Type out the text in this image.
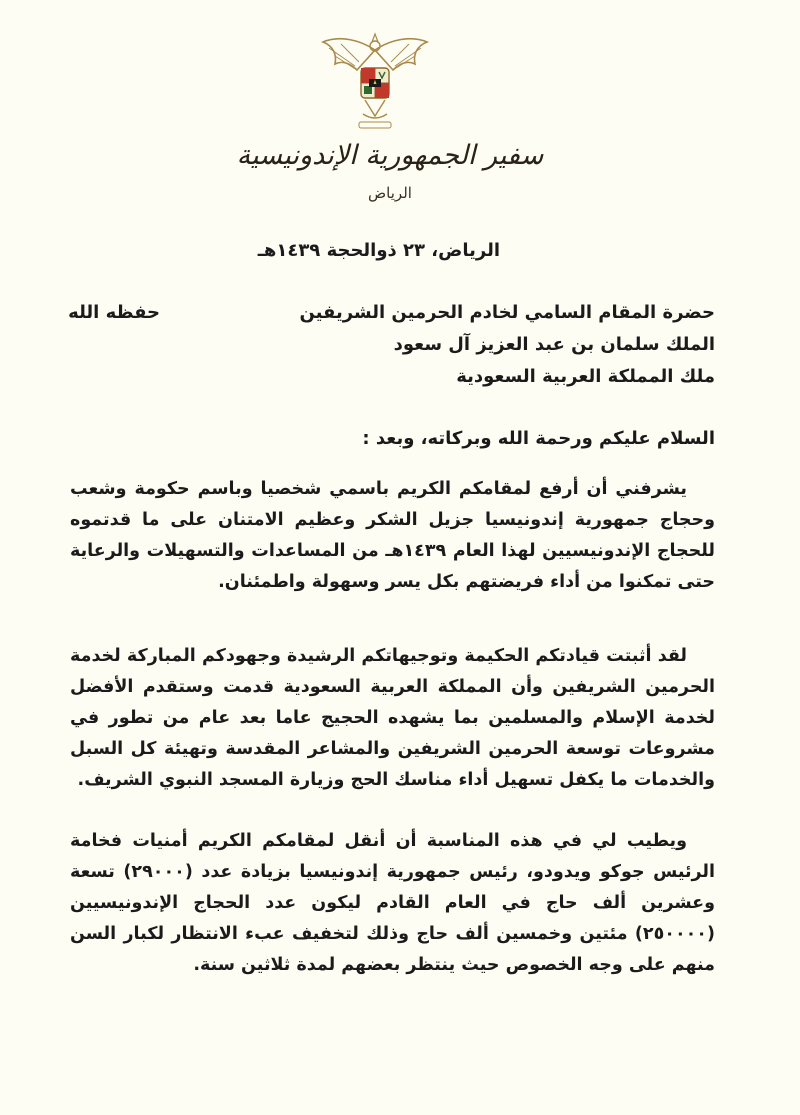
سفير الجمهورية الإندونيسية
الرياض
الرياض، ٢٣ ذوالحجة ١٤٣٩هـ
حضرة المقام السامي لخادم الحرمين الشريفين
حفظه الله
الملك سلمان بن عبد العزيز آل سعود
ملك المملكة العربية السعودية
السلام عليكم ورحمة الله وبركاته، وبعد :

يشرفني أن أرفع لمقامكم الكريم باسمي شخصيا وباسم حكومة وشعب وحجاج جمهورية إندونيسيا جزيل الشكر وعظيم الامتنان على ما قدتموه للحجاج الإندونيسيين لهذا العام ١٤٣٩هـ من المساعدات والتسهيلات والرعاية حتى تمكنوا من أداء فريضتهم بكل يسر وسهولة واطمئنان.

لقد أثبتت قيادتكم الحكيمة وتوجيهاتكم الرشيدة وجهودكم المباركة لخدمة الحرمين الشريفين وأن المملكة العربية السعودية قدمت وستقدم الأفضل لخدمة الإسلام والمسلمين بما يشهده الحجيج عاما بعد عام من تطور في مشروعات توسعة الحرمين الشريفين والمشاعر المقدسة وتهيئة كل السبل والخدمات ما يكفل تسهيل أداء مناسك الحج وزيارة المسجد النبوي الشريف.

ويطيب لي في هذه المناسبة أن أنقل لمقامكم الكريم أمنيات فخامة الرئيس جوكو ويدودو، رئيس جمهورية إندونيسيا بزيادة عدد (٢٩٠٠٠) تسعة وعشرين ألف حاج في العام القادم ليكون عدد الحجاج الإندونيسيين (٢٥٠٠٠٠) مئتين وخمسين ألف حاج وذلك لتخفيف عبء الانتظار لكبار السن منهم على وجه الخصوص حيث ينتظر بعضهم لمدة ثلاثين سنة.
